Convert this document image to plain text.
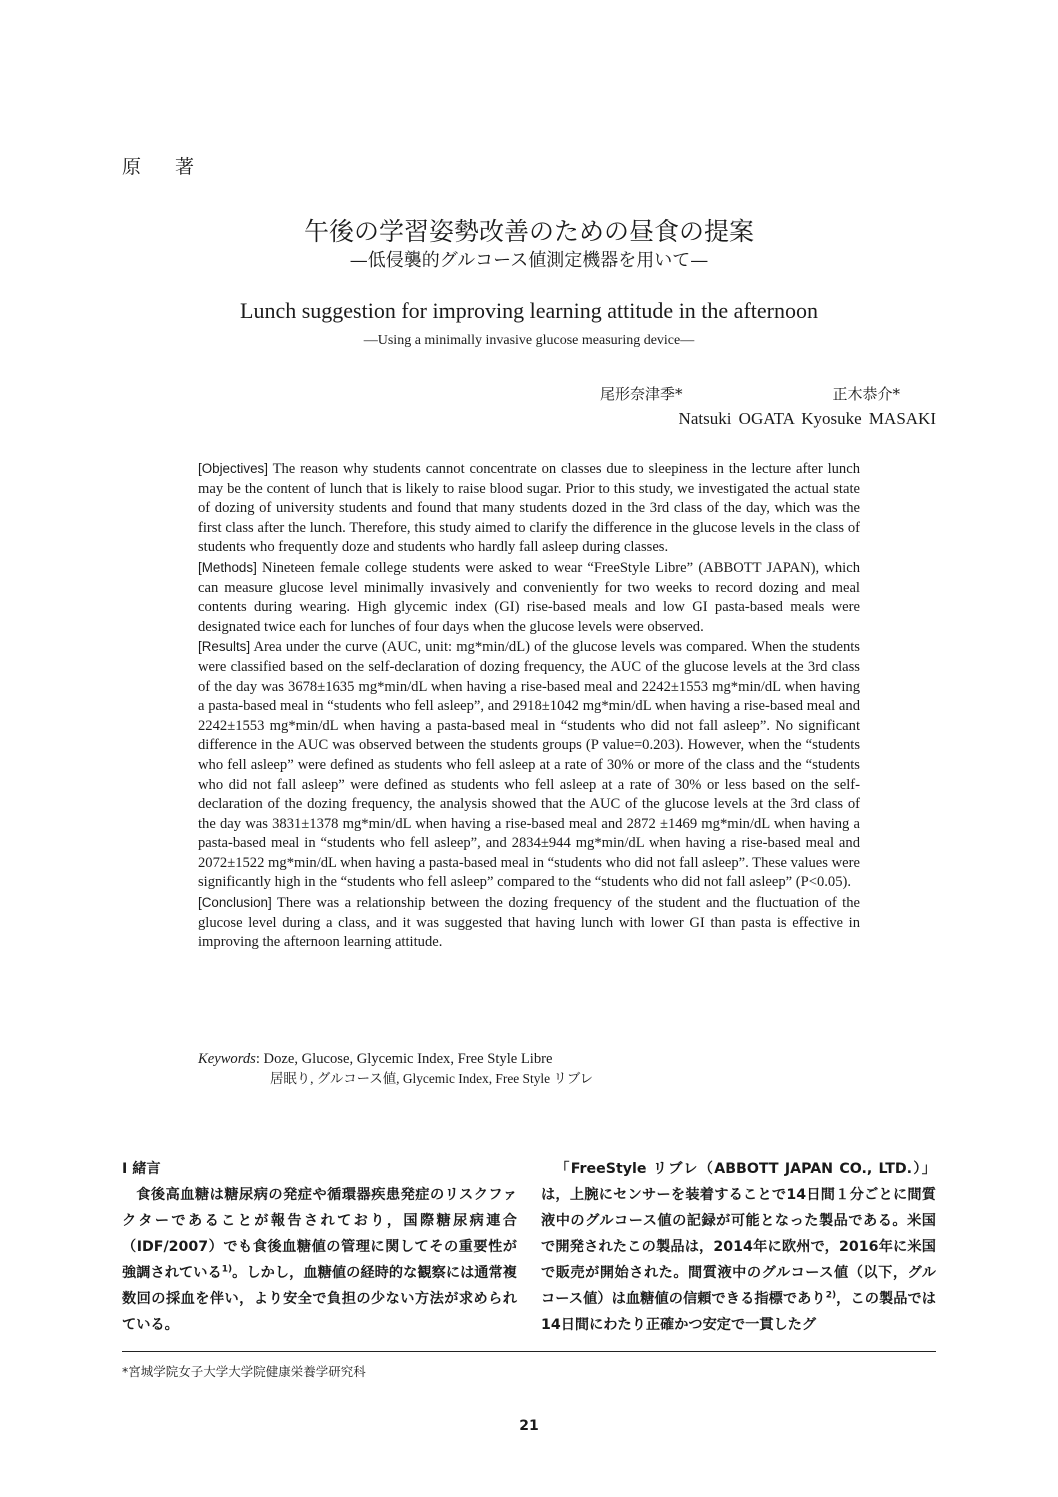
原 著
午後の学習姿勢改善のための昼食の提案
—低侵襲的グルコース値測定機器を用いて—
Lunch suggestion for improving learning attitude in the afternoon
—Using a minimally invasive glucose measuring device—
尾形奈津季*	正木恭介*
Natsuki OGATA Kyosuke MASAKI

[Objectives] The reason why students cannot concentrate on classes due to sleepiness in the lecture after lunch may be the content of lunch that is likely to raise blood sugar. Prior to this study, we investigated the actual state of dozing of university students and found that many students dozed in the 3rd class of the day, which was the first class after the lunch. Therefore, this study aimed to clarify the difference in the glucose levels in the class of students who frequently doze and students who hardly fall asleep during classes.

[Methods] Nineteen female college students were asked to wear “FreeStyle Libre” (ABBOTT JAPAN), which can measure glucose level minimally invasively and conveniently for two weeks to record dozing and meal contents during wearing. High glycemic index (GI) rise-based meals and low GI pasta-based meals were designated twice each for lunches of four days when the glucose levels were observed.

[Results] Area under the curve (AUC, unit: mg*min/dL) of the glucose levels was compared. When the students were classified based on the self-declaration of dozing frequency, the AUC of the glucose levels at the 3rd class of the day was 3678±1635 mg*min/dL when having a rise-based meal and 2242±1553 mg*min/dL when having a pasta-based meal in “students who fell asleep”, and 2918±1042 mg*min/dL when having a rise-based meal and 2242±1553 mg*min/dL when having a pasta-based meal in “students who did not fall asleep”. No significant difference in the AUC was observed between the students groups (P value=0.203). However, when the “students who fell asleep” were defined as students who fell asleep at a rate of 30% or more of the class and the “students who did not fall asleep” were defined as students who fell asleep at a rate of 30% or less based on the self-declaration of the dozing frequency, the analysis showed that the AUC of the glucose levels at the 3rd class of the day was 3831±1378 mg*min/dL when having a rise-based meal and 2872 ±1469 mg*min/dL when having a pasta-based meal in “students who fell asleep”, and 2834±944 mg*min/dL when having a rise-based meal and 2072±1522 mg*min/dL when having a pasta-based meal in “students who did not fall asleep”. These values were significantly high in the “students who fell asleep” compared to the “students who did not fall asleep” (P<0.05).

[Conclusion] There was a relationship between the dozing frequency of the student and the fluctuation of the glucose level during a class, and it was suggested that having lunch with lower GI than pasta is effective in improving the afternoon learning attitude.

Keywords: Doze, Glucose, Glycemic Index, Free Style Libre
居眠り, グルコース値, Glycemic Index, Free Style リブレ
Ⅰ 緒言
食後高血糖は糖尿病の発症や循環器疾患発症のリスクファクターであることが報告されており，国際糖尿病連合（IDF/2007）でも食後血糖値の管理に関してその重要性が強調されている$^{1)}$。しかし，血糖値の経時的な観察には通常複数回の採血を伴い，より安全で負担の少ない方法が求められている。
「FreeStyle リブレ（ABBOTT JAPAN CO., LTD.）」は，上腕にセンサーを装着することで14日間１分ごとに間質液中のグルコース値の記録が可能となった製品である。米国で開発されたこの製品は，2014年に欧州で，2016年に米国で販売が開始された。間質液中のグルコース値（以下，グルコース値）は血糖値の信頼できる指標であり$^{2)}$，この製品では14日間にわたり正確かつ安定で一貫したグ
*宮城学院女子大学大学院健康栄養学研究科
21
